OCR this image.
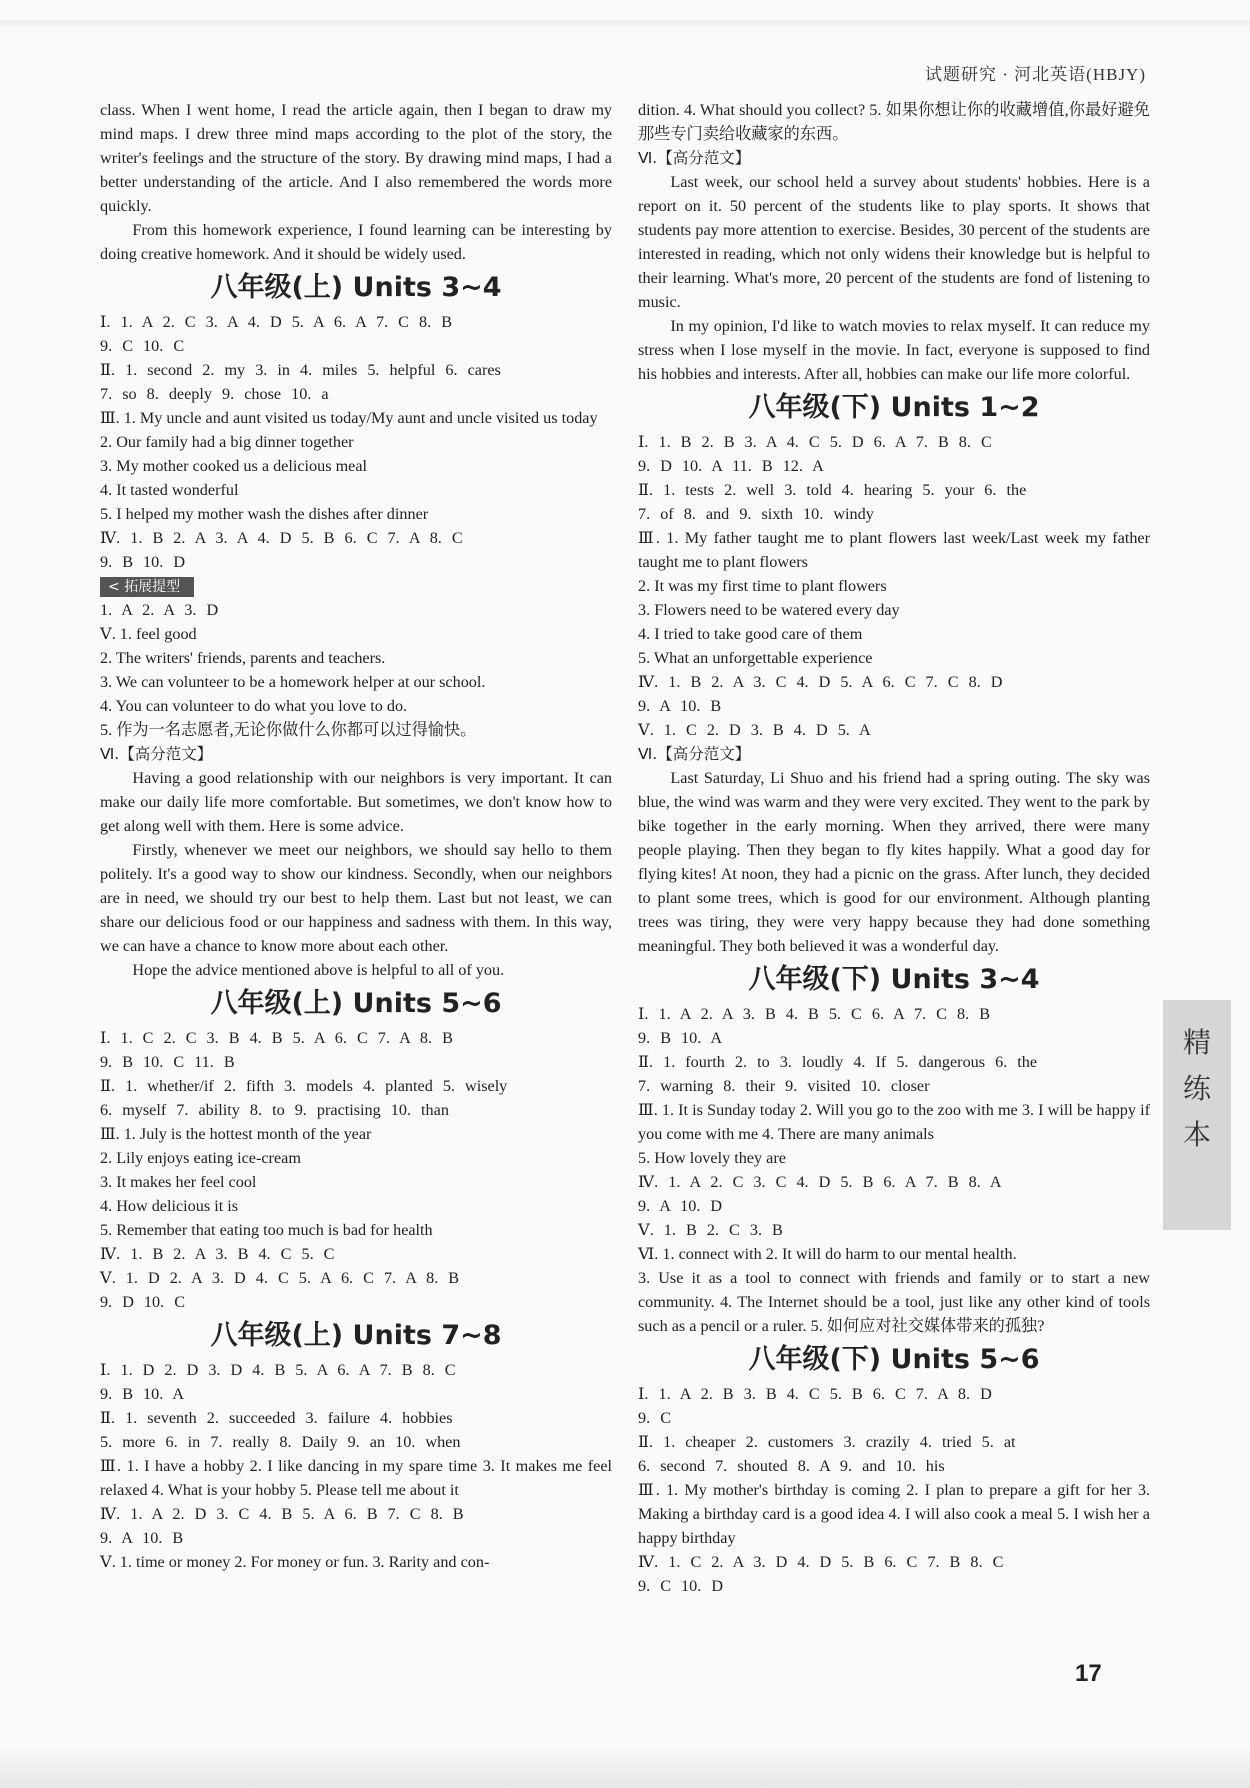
试题研究 · 河北英语(HBJY)

class. When I went home, I read the article again, then I began to draw my mind maps. I drew three mind maps according to the plot of the story, the writer's feelings and the structure of the story. By drawing mind maps, I had a better understanding of the article. And I also remembered the words more quickly.

From this homework experience, I found learning can be interesting by doing creative homework. And it should be widely used.

八年级(上) Units 3~4

Ⅰ. 1. A 2. C 3. A 4. D 5. A 6. A 7. C 8. B

9. C 10. C

Ⅱ. 1. second 2. my 3. in 4. miles 5. helpful 6. cares

7. so 8. deeply 9. chose 10. a

Ⅲ. 1. My uncle and aunt visited us today/My aunt and uncle visited us today

2. Our family had a big dinner together

3. My mother cooked us a delicious meal

4. It tasted wonderful

5. I helped my mother wash the dishes after dinner

Ⅳ. 1. B 2. A 3. A 4. D 5. B 6. C 7. A 8. C

9. B 10. D

< 拓展提型

1. A 2. A 3. D

Ⅴ. 1. feel good

2. The writers' friends, parents and teachers.

3. We can volunteer to be a homework helper at our school.

4. You can volunteer to do what you love to do.

5. 作为一名志愿者,无论你做什么你都可以过得愉快。

Ⅵ.【高分范文】

Having a good relationship with our neighbors is very important. It can make our daily life more comfortable. But sometimes, we don't know how to get along well with them. Here is some advice.

Firstly, whenever we meet our neighbors, we should say hello to them politely. It's a good way to show our kindness. Secondly, when our neighbors are in need, we should try our best to help them. Last but not least, we can share our delicious food or our happiness and sadness with them. In this way, we can have a chance to know more about each other.

Hope the advice mentioned above is helpful to all of you.

八年级(上) Units 5~6

Ⅰ. 1. C 2. C 3. B 4. B 5. A 6. C 7. A 8. B

9. B 10. C 11. B

Ⅱ. 1. whether/if 2. fifth 3. models 4. planted 5. wisely

6. myself 7. ability 8. to 9. practising 10. than

Ⅲ. 1. July is the hottest month of the year

2. Lily enjoys eating ice-cream

3. It makes her feel cool

4. How delicious it is

5. Remember that eating too much is bad for health

Ⅳ. 1. B 2. A 3. B 4. C 5. C

Ⅴ. 1. D 2. A 3. D 4. C 5. A 6. C 7. A 8. B

9. D 10. C

八年级(上) Units 7~8

Ⅰ. 1. D 2. D 3. D 4. B 5. A 6. A 7. B 8. C

9. B 10. A

Ⅱ. 1. seventh 2. succeeded 3. failure 4. hobbies

5. more 6. in 7. really 8. Daily 9. an 10. when

Ⅲ. 1. I have a hobby 2. I like dancing in my spare time 3. It makes me feel relaxed 4. What is your hobby 5. Please tell me about it

Ⅳ. 1. A 2. D 3. C 4. B 5. A 6. B 7. C 8. B

9. A 10. B

Ⅴ. 1. time or money 2. For money or fun. 3. Rarity and con-

dition. 4. What should you collect? 5. 如果你想让你的收藏增值,你最好避免那些专门卖给收藏家的东西。

Ⅵ.【高分范文】

Last week, our school held a survey about students' hobbies. Here is a report on it. 50 percent of the students like to play sports. It shows that students pay more attention to exercise. Besides, 30 percent of the students are interested in reading, which not only widens their knowledge but is helpful to their learning. What's more, 20 percent of the students are fond of listening to music.

In my opinion, I'd like to watch movies to relax myself. It can reduce my stress when I lose myself in the movie. In fact, everyone is supposed to find his hobbies and interests. After all, hobbies can make our life more colorful.

八年级(下) Units 1~2

Ⅰ. 1. B 2. B 3. A 4. C 5. D 6. A 7. B 8. C

9. D 10. A 11. B 12. A

Ⅱ. 1. tests 2. well 3. told 4. hearing 5. your 6. the

7. of 8. and 9. sixth 10. windy

Ⅲ. 1. My father taught me to plant flowers last week/Last week my father taught me to plant flowers

2. It was my first time to plant flowers

3. Flowers need to be watered every day

4. I tried to take good care of them

5. What an unforgettable experience

Ⅳ. 1. B 2. A 3. C 4. D 5. A 6. C 7. C 8. D

9. A 10. B

Ⅴ. 1. C 2. D 3. B 4. D 5. A

Ⅵ.【高分范文】

Last Saturday, Li Shuo and his friend had a spring outing. The sky was blue, the wind was warm and they were very excited. They went to the park by bike together in the early morning. When they arrived, there were many people playing. Then they began to fly kites happily. What a good day for flying kites! At noon, they had a picnic on the grass. After lunch, they decided to plant some trees, which is good for our environment. Although planting trees was tiring, they were very happy because they had done something meaningful. They both believed it was a wonderful day.

八年级(下) Units 3~4

Ⅰ. 1. A 2. A 3. B 4. B 5. C 6. A 7. C 8. B

9. B 10. A

Ⅱ. 1. fourth 2. to 3. loudly 4. If 5. dangerous 6. the

7. warning 8. their 9. visited 10. closer

Ⅲ. 1. It is Sunday today 2. Will you go to the zoo with me 3. I will be happy if you come with me 4. There are many animals

5. How lovely they are

Ⅳ. 1. A 2. C 3. C 4. D 5. B 6. A 7. B 8. A

9. A 10. D

Ⅴ. 1. B 2. C 3. B

Ⅵ. 1. connect with 2. It will do harm to our mental health.

3. Use it as a tool to connect with friends and family or to start a new community. 4. The Internet should be a tool, just like any other kind of tools such as a pencil or a ruler. 5. 如何应对社交媒体带来的孤独?

八年级(下) Units 5~6

Ⅰ. 1. A 2. B 3. B 4. C 5. B 6. C 7. A 8. D

9. C

Ⅱ. 1. cheaper 2. customers 3. crazily 4. tried 5. at

6. second 7. shouted 8. A 9. and 10. his

Ⅲ. 1. My mother's birthday is coming 2. I plan to prepare a gift for her 3. Making a birthday card is a good idea 4. I will also cook a meal 5. I wish her a happy birthday

Ⅳ. 1. C 2. A 3. D 4. D 5. B 6. C 7. B 8. C

9. C 10. D

精
练
本
17
